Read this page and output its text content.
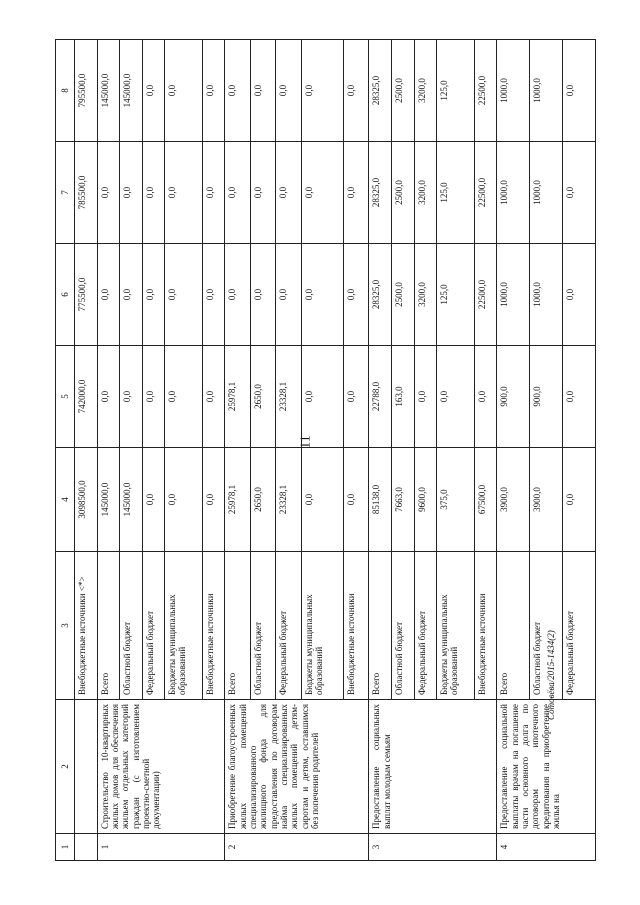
11
Сотовёва/2015-1434(2)
1	2	3	4	5	6	7	8
		Внебюджетные источники <*>	3098500,0	742000,0	775500,0	785500,0	795500,0
1	Строительство 10-квартирных жилых домов для обеспечения жильем отдельных категорий граждан (с изготовлением проектно-сметной документации)	Всего	145000,0	0,0	0,0	0,0	145000,0
		Областной бюджет	145000,0	0,0	0,0	0,0	145000,0
		Федеральный бюджет	0,0	0,0	0,0	0,0	0,0
		Бюджеты муниципальных образований	0,0	0,0	0,0	0,0	0,0
		Внебюджетные источники	0,0	0,0	0,0	0,0	0,0
2	Приобретение благоустроенных жилых помещений специализированного жилищного фонда для предоставления по договорам найма специализированных жилых помещений детям-сиротам и детям, оставшимся без попечения родителей	Всего	25978,1	25978,1	0,0	0,0	0,0
		Областной бюджет	2650,0	2650,0	0,0	0,0	0,0
		Федеральный бюджет	23328,1	23328,1	0,0	0,0	0,0
		Бюджеты муниципальных образований	0,0	0,0	0,0	0,0	0,0
		Внебюджетные источники	0,0	0,0	0,0	0,0	0,0
3	Предоставление социальных выплат молодым семьям	Всего	85138,0	22788,0	28325,0	28325,0	28325,0
		Областной бюджет	7663,0	163,0	2500,0	2500,0	2500,0
		Федеральный бюджет	9600,0	0,0	3200,0	3200,0	3200,0
		Бюджеты муниципальных образований	375,0	0,0	125,0	125,0	125,0
		Внебюджетные источники	67500,0	0,0	22500,0	22500,0	22500,0
4	Предоставление социальной выплаты врачам на погашение части основного долга по договорам ипотечного кредитования на приобретение жилья на	Всего	3900,0	900,0	1000,0	1000,0	1000,0
		Областной бюджет	3900,0	900,0	1000,0	1000,0	1000,0
		Федеральный бюджет	0,0	0,0	0,0	0,0	0,0
